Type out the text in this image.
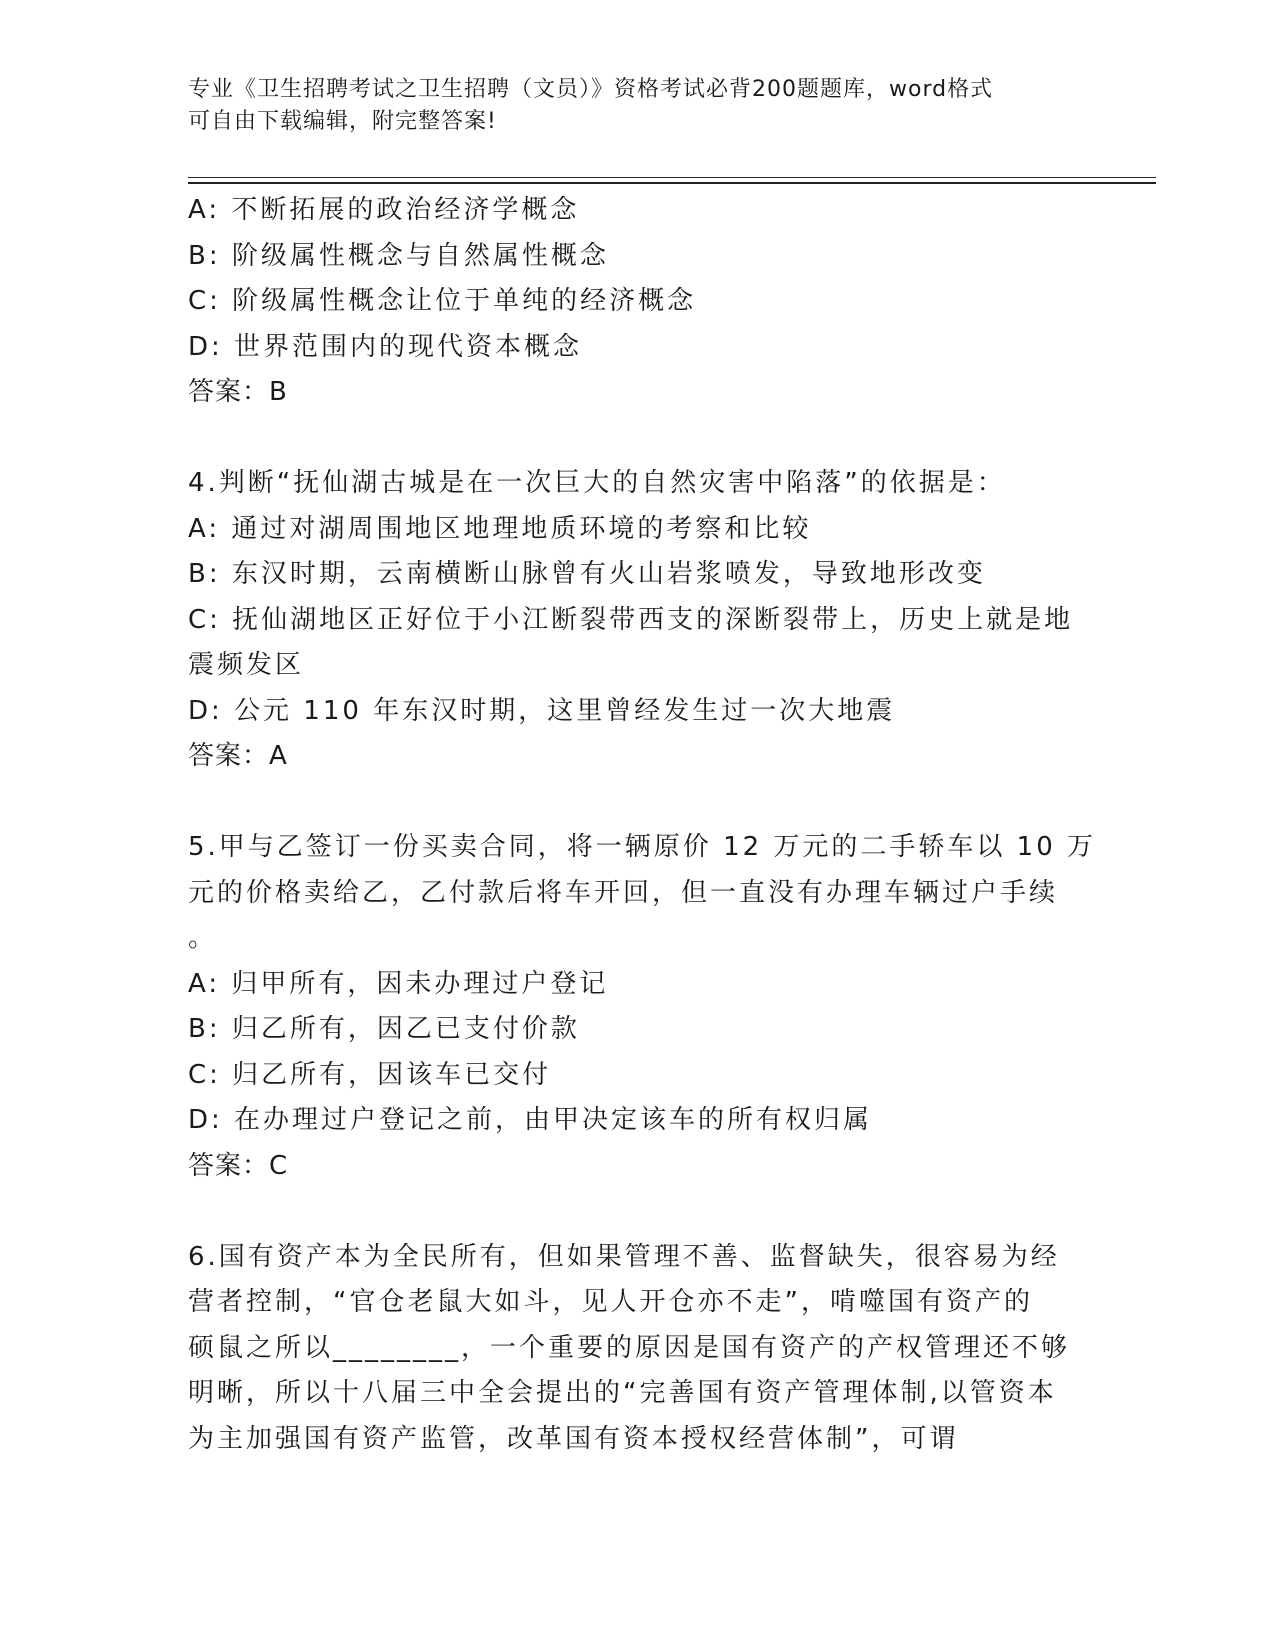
专业《卫生招聘考试之卫生招聘（文员）》资格考试必背200题题库，word格式
可自由下载编辑，附完整答案!
A: 不断拓展的政治经济学概念
B: 阶级属性概念与自然属性概念
C: 阶级属性概念让位于单纯的经济概念
D: 世界范围内的现代资本概念
答案：B
4.判断“抚仙湖古城是在一次巨大的自然灾害中陷落”的依据是：
A: 通过对湖周围地区地理地质环境的考察和比较
B: 东汉时期，云南横断山脉曾有火山岩浆喷发，导致地形改变
C: 抚仙湖地区正好位于小江断裂带西支的深断裂带上，历史上就是地
震频发区
D: 公元 110 年东汉时期，这里曾经发生过一次大地震
答案：A
5.甲与乙签订一份买卖合同，将一辆原价 12 万元的二手轿车以 10 万
元的价格卖给乙，乙付款后将车开回，但一直没有办理车辆过户手续
。
A: 归甲所有，因未办理过户登记
B: 归乙所有，因乙已支付价款
C: 归乙所有，因该车已交付
D: 在办理过户登记之前，由甲决定该车的所有权归属
答案：C
6.国有资产本为全民所有，但如果管理不善、监督缺失，很容易为经
营者控制，“官仓老鼠大如斗，见人开仓亦不走”，啃噬国有资产的
硕鼠之所以________，一个重要的原因是国有资产的产权管理还不够
明晰，所以十八届三中全会提出的“完善国有资产管理体制,以管资本
为主加强国有资产监管，改革国有资本授权经营体制”，可谓
